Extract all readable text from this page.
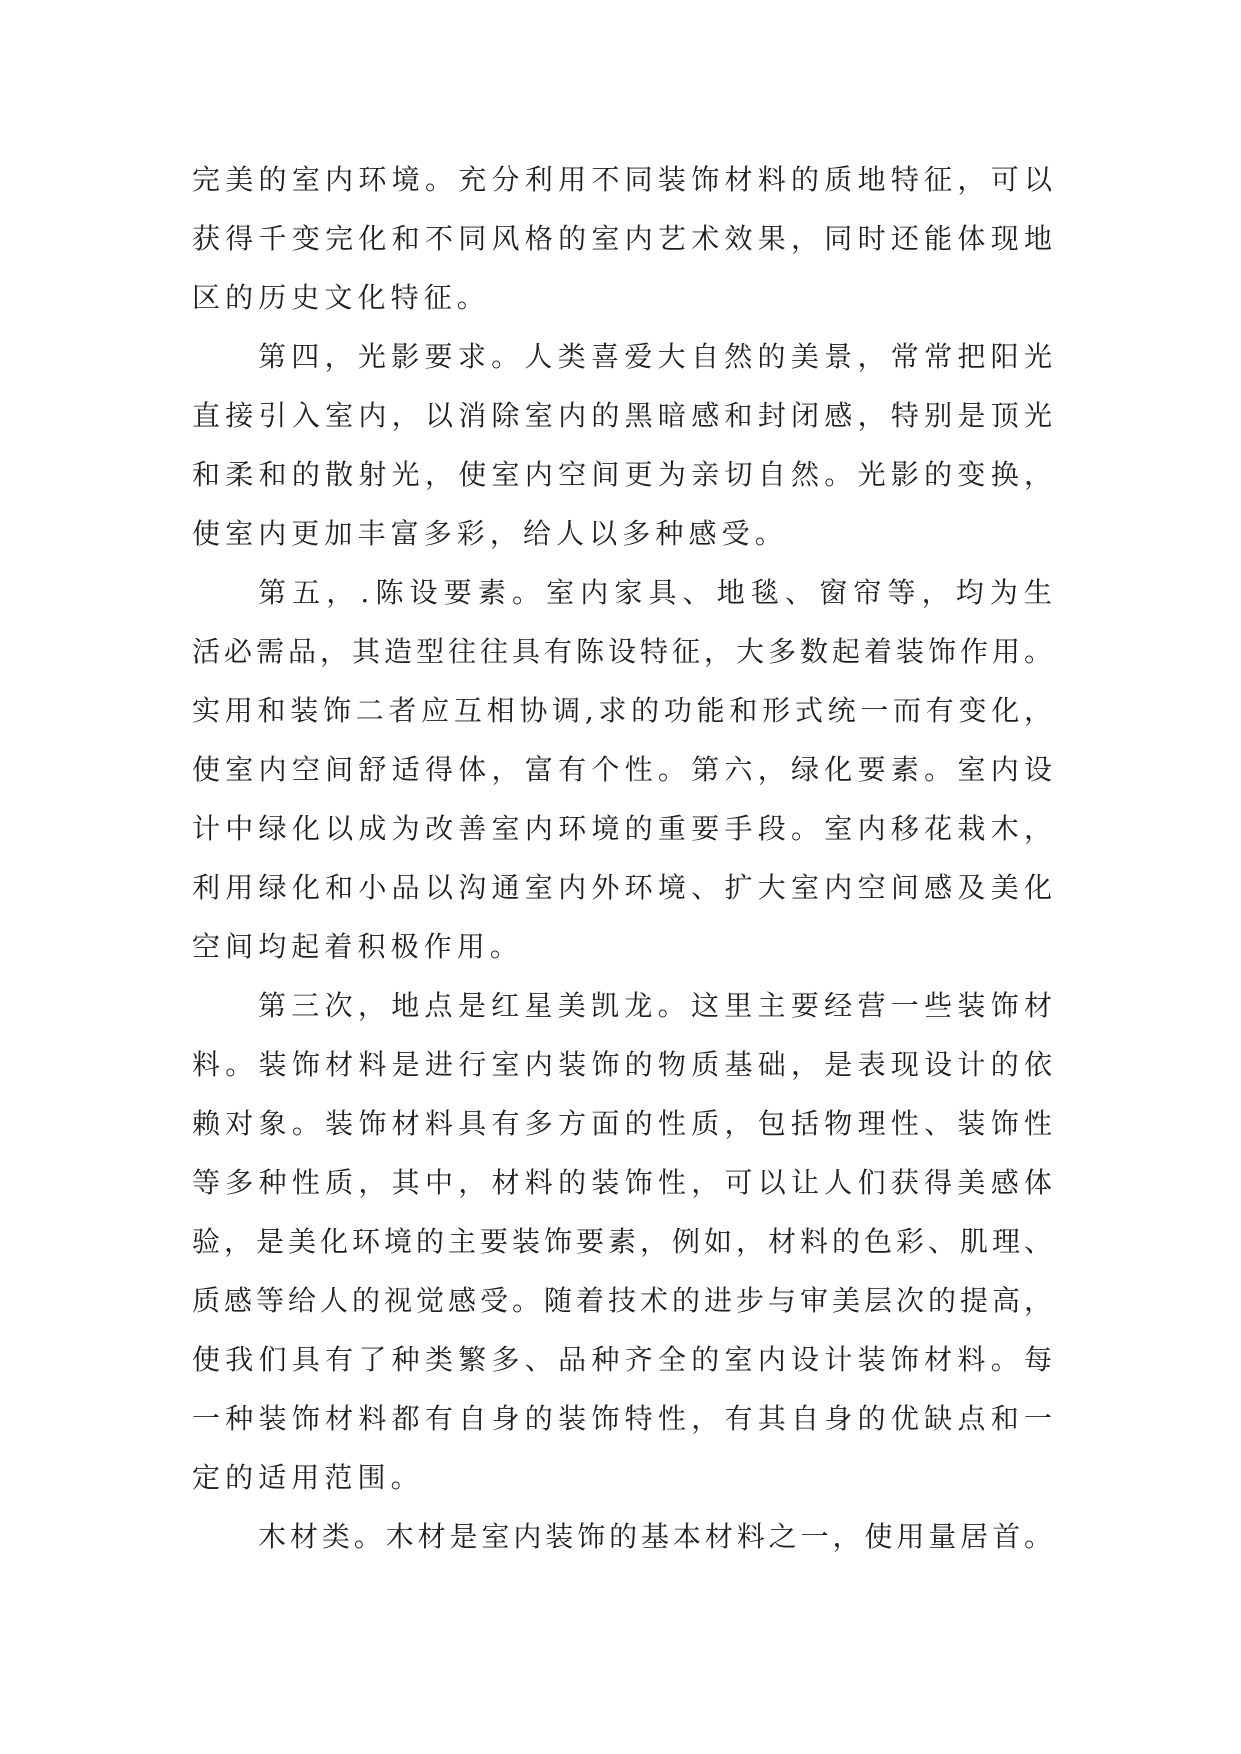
完美的室内环境。充分利用不同装饰材料的质地特征，可以
获得千变完化和不同风格的室内艺术效果，同时还能体现地
区的历史文化特征。
第四，光影要求。人类喜爱大自然的美景，常常把阳光
直接引入室内，以消除室内的黑暗感和封闭感，特别是顶光
和柔和的散射光，使室内空间更为亲切自然。光影的变换，
使室内更加丰富多彩，给人以多种感受。
第五，.陈设要素。室内家具、地毯、窗帘等，均为生
活必需品，其造型往往具有陈设特征，大多数起着装饰作用。
实用和装饰二者应互相协调,求的功能和形式统一而有变化，
使室内空间舒适得体，富有个性。第六，绿化要素。室内设
计中绿化以成为改善室内环境的重要手段。室内移花栽木，
利用绿化和小品以沟通室内外环境、扩大室内空间感及美化
空间均起着积极作用。
第三次，地点是红星美凯龙。这里主要经营一些装饰材
料。装饰材料是进行室内装饰的物质基础，是表现设计的依
赖对象。装饰材料具有多方面的性质，包括物理性、装饰性
等多种性质，其中，材料的装饰性，可以让人们获得美感体
验，是美化环境的主要装饰要素，例如，材料的色彩、肌理、
质感等给人的视觉感受。随着技术的进步与审美层次的提高，
使我们具有了种类繁多、品种齐全的室内设计装饰材料。每
一种装饰材料都有自身的装饰特性，有其自身的优缺点和一
定的适用范围。
木材类。木材是室内装饰的基本材料之一，使用量居首。
